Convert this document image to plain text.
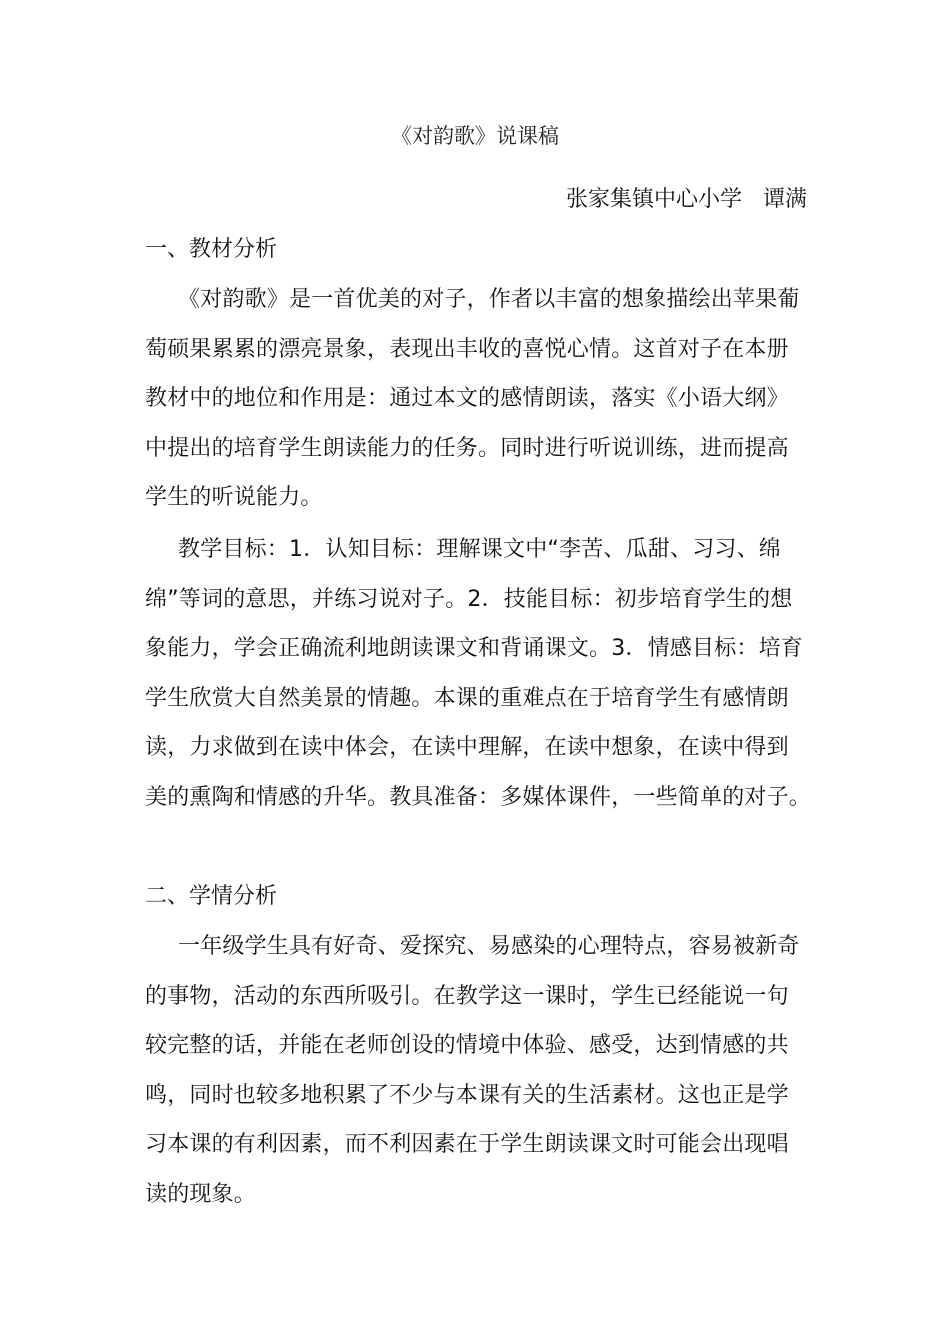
《对韵歌》说课稿
张家集镇中心小学   谭满
一、教材分析
《对韵歌》是一首优美的对子，作者以丰富的想象描绘出苹果葡
萄硕果累累的漂亮景象，表现出丰收的喜悦心情。这首对子在本册
教材中的地位和作用是：通过本文的感情朗读，落实《小语大纲》
中提出的培育学生朗读能力的任务。同时进行听说训练，进而提高
学生的听说能力。
教学目标：1．认知目标：理解课文中“李苦、瓜甜、习习、绵
绵”等词的意思，并练习说对子。2．技能目标：初步培育学生的想
象能力，学会正确流利地朗读课文和背诵课文。3．情感目标：培育
学生欣赏大自然美景的情趣。本课的重难点在于培育学生有感情朗
读，力求做到在读中体会，在读中理解，在读中想象，在读中得到
美的熏陶和情感的升华。教具准备：多媒体课件，一些简单的对子。
二、学情分析
一年级学生具有好奇、爱探究、易感染的心理特点，容易被新奇
的事物，活动的东西所吸引。在教学这一课时，学生已经能说一句
较完整的话，并能在老师创设的情境中体验、感受，达到情感的共
鸣，同时也较多地积累了不少与本课有关的生活素材。这也正是学
习本课的有利因素，而不利因素在于学生朗读课文时可能会出现唱
读的现象。
